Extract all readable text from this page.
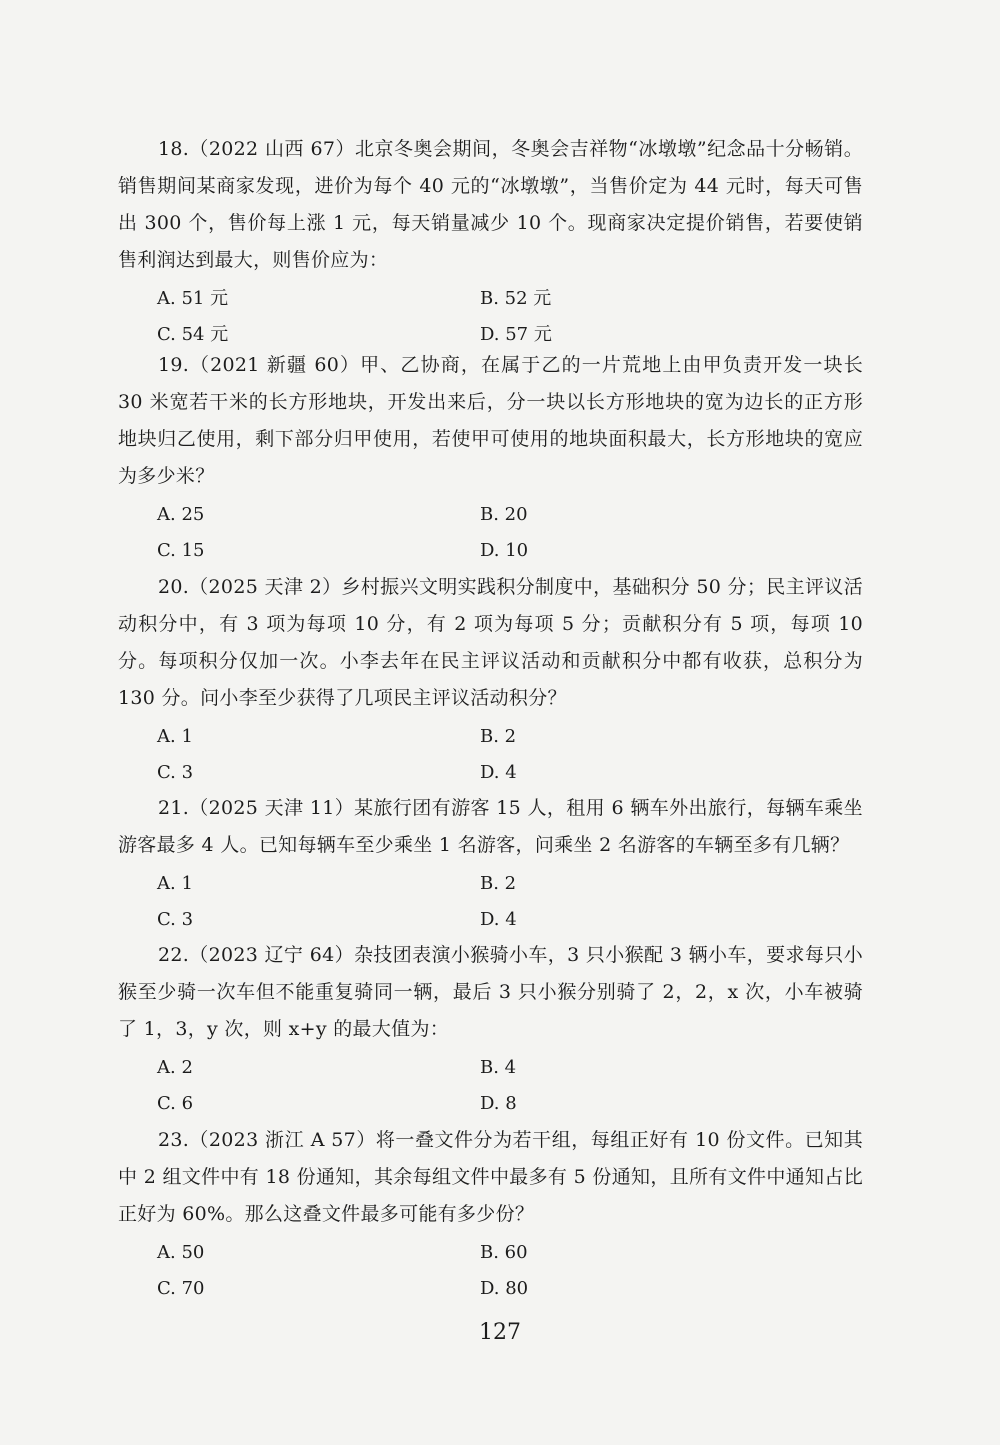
18.（2022 山西 67）北京冬奥会期间，冬奥会吉祥物“冰墩墩”纪念品十分畅销。销售期间某商家发现，进价为每个 40 元的“冰墩墩”，当售价定为 44 元时，每天可售出 300 个，售价每上涨 1 元，每天销量减少 10 个。现商家决定提价销售，若要使销售利润达到最大，则售价应为：

A. 51 元	B. 52 元
C. 54 元	D. 57 元

19.（2021 新疆 60）甲、乙协商，在属于乙的一片荒地上由甲负责开发一块长 30 米宽若干米的长方形地块，开发出来后，分一块以长方形地块的宽为边长的正方形地块归乙使用，剩下部分归甲使用，若使甲可使用的地块面积最大，长方形地块的宽应为多少米？

A. 25	B. 20
C. 15	D. 10

20.（2025 天津 2）乡村振兴文明实践积分制度中，基础积分 50 分；民主评议活动积分中，有 3 项为每项 10 分，有 2 项为每项 5 分；贡献积分有 5 项，每项 10 分。每项积分仅加一次。小李去年在民主评议活动和贡献积分中都有收获，总积分为 130 分。问小李至少获得了几项民主评议活动积分？

A. 1	B. 2
C. 3	D. 4

21.（2025 天津 11）某旅行团有游客 15 人，租用 6 辆车外出旅行，每辆车乘坐游客最多 4 人。已知每辆车至少乘坐 1 名游客，问乘坐 2 名游客的车辆至多有几辆？

A. 1	B. 2
C. 3	D. 4

22.（2023 辽宁 64）杂技团表演小猴骑小车，3 只小猴配 3 辆小车，要求每只小猴至少骑一次车但不能重复骑同一辆，最后 3 只小猴分别骑了 2，2，x 次，小车被骑了 1，3，y 次，则 x+y 的最大值为：

A. 2	B. 4
C. 6	D. 8

23.（2023 浙江 A 57）将一叠文件分为若干组，每组正好有 10 份文件。已知其中 2 组文件中有 18 份通知，其余每组文件中最多有 5 份通知，且所有文件中通知占比正好为 60%。那么这叠文件最多可能有多少份？

A. 50	B. 60
C. 70	D. 80
127
